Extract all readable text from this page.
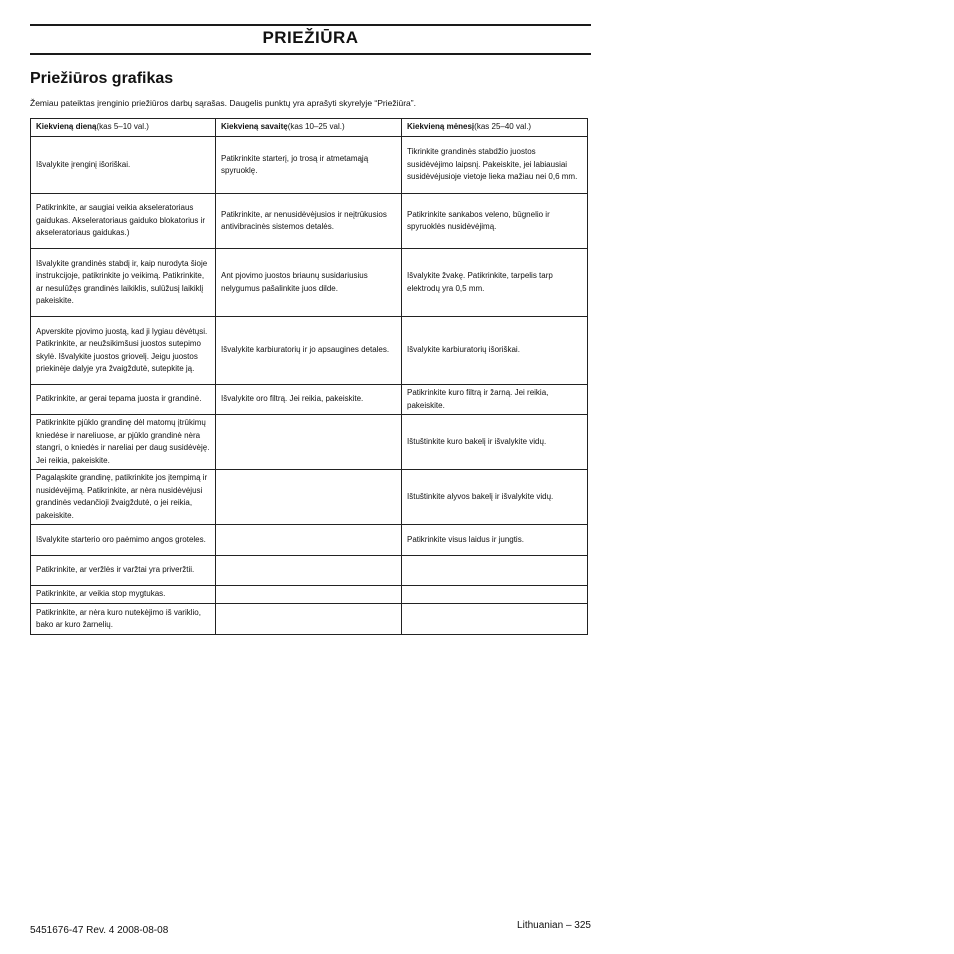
PRIEŽIŪRA
Priežiūros grafikas
Žemiau pateiktas įrenginio priežiūros darbų sąrašas. Daugelis punktų yra aprašyti skyrelyje “Priežiūra”.
Kiekvieną dieną(kas 5–10 val.)	Kiekvieną savaitę(kas 10–25 val.)	Kiekvieną mėnesį(kas 25–40 val.)
Išvalykite įrenginį išoriškai.	Patikrinkite starterį, jo trosą ir atmetamąją spyruoklę.	Tikrinkite grandinės stabdžio juostos susidėvėjimo laipsnį. Pakeiskite, jei labiausiai susidėvėjusioje vietoje lieka mažiau nei 0,6 mm.
Patikrinkite, ar saugiai veikia akseleratoriaus gaidukas. Akseleratoriaus gaiduko blokatorius ir akseleratoriaus gaidukas.)	Patikrinkite, ar nenusidėvėjusios ir neįtrūkusios antivibracinės sistemos detalės.	Patikrinkite sankabos veleno, būgnelio ir spyruoklės nusidėvėjimą.
Išvalykite grandinės stabdį ir, kaip nurodyta šioje instrukcijoje, patikrinkite jo veikimą. Patikrinkite, ar nesulūžęs grandinės laikiklis, sulūžusį laikiklį pakeiskite.	Ant pjovimo juostos briaunų susidariusius nelygumus pašalinkite juos dilde.	Išvalykite žvakę. Patikrinkite, tarpelis tarp elektrodų yra 0,5 mm.
Apverskite pjovimo juostą, kad ji lygiau dėvėtųsi. Patikrinkite, ar neužsikimšusi juostos sutepimo skylė. Išvalykite juostos griovelį. Jeigu juostos priekinėje dalyje yra žvaigždutė, sutepkite ją.	Išvalykite karbiuratorių ir jo apsaugines detales.	Išvalykite karbiuratorių išoriškai.
Patikrinkite, ar gerai tepama juosta ir grandinė.	Išvalykite oro filtrą. Jei reikia, pakeiskite.	Patikrinkite kuro filtrą ir žarną. Jei reikia, pakeiskite.
Patikrinkite pjūklo grandinę dėl matomų įtrūkimų kniedėse ir nareliuose, ar pjūklo grandinė nėra stangri, o kniedės ir nareliai per daug susidėvėję. Jei reikia, pakeiskite.		Ištuštinkite kuro bakelį ir išvalykite vidų.
Pagaląskite grandinę, patikrinkite jos įtempimą ir nusidėvėjimą. Patikrinkite, ar nėra nusidėvėjusi grandinės vedančioji žvaigždutė, o jei reikia, pakeiskite.		Ištuštinkite alyvos bakelį ir išvalykite vidų.
Išvalykite starterio oro paėmimo angos groteles.		Patikrinkite visus laidus ir jungtis.
Patikrinkite, ar veržlės ir varžtai yra priveržtii.		
Patikrinkite, ar veikia stop mygtukas.		
Patikrinkite, ar nėra kuro nutekėjimo iš variklio, bako ar kuro žarnelių.		
5451676-47 Rev. 4 2008-08-08	Lithuanian – 325
